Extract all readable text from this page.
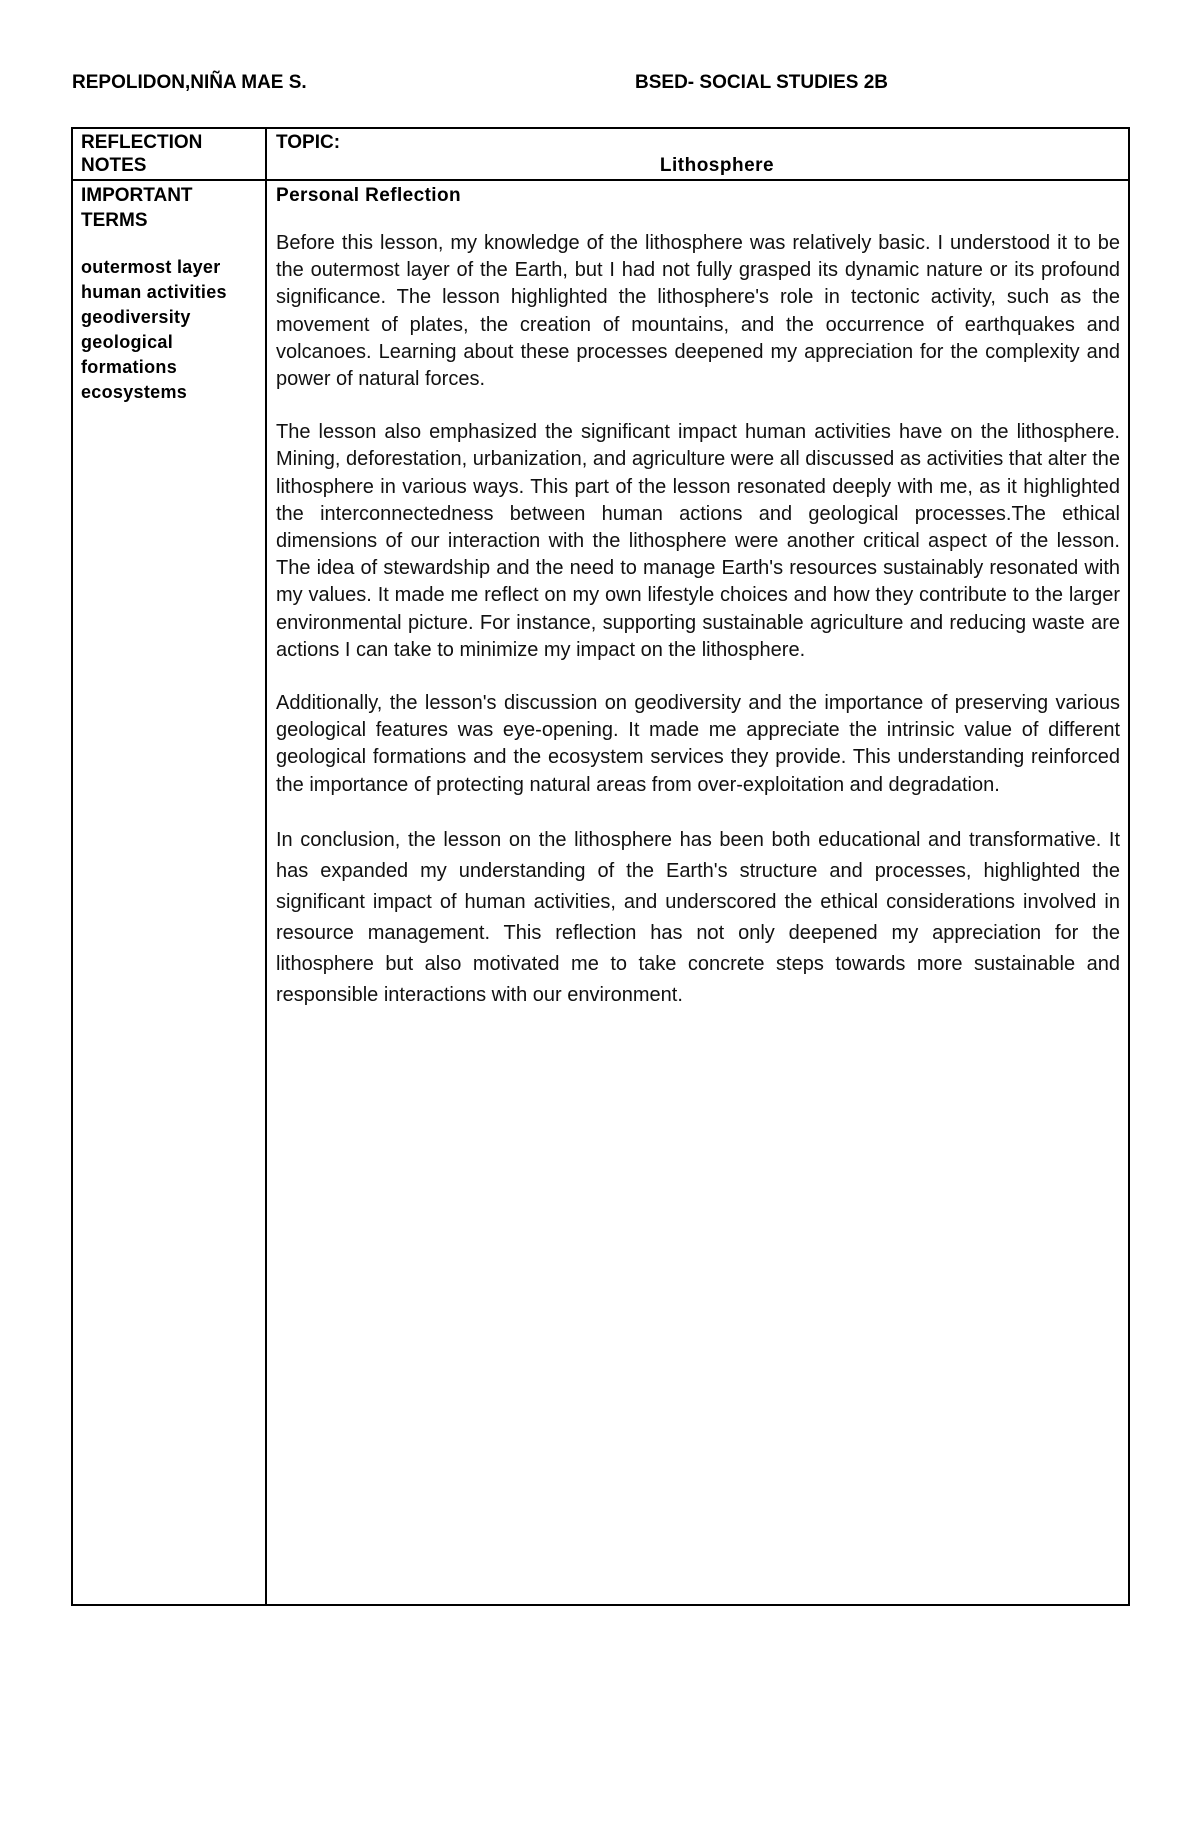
REPOLIDON,NIÑA MAE S.	BSED- SOCIAL STUDIES 2B
REFLECTION NOTES
TOPIC:
Lithosphere
IMPORTANT TERMS
outermost layer
human activities
geodiversity
geological formations
ecosystems
Personal Reflection

Before this lesson, my knowledge of the lithosphere was relatively basic. I understood it to be the outermost layer of the Earth, but I had not fully grasped its dynamic nature or its profound significance. The lesson highlighted the lithosphere's role in tectonic activity, such as the movement of plates, the creation of mountains, and the occurrence of earthquakes and volcanoes. Learning about these processes deepened my appreciation for the complexity and power of natural forces.

The lesson also emphasized the significant impact human activities have on the lithosphere. Mining, deforestation, urbanization, and agriculture were all discussed as activities that alter the lithosphere in various ways. This part of the lesson resonated deeply with me, as it highlighted the interconnectedness between human actions and geological processes.The ethical dimensions of our interaction with the lithosphere were another critical aspect of the lesson. The idea of stewardship and the need to manage Earth's resources sustainably resonated with my values. It made me reflect on my own lifestyle choices and how they contribute to the larger environmental picture. For instance, supporting sustainable agriculture and reducing waste are actions I can take to minimize my impact on the lithosphere.

Additionally, the lesson's discussion on geodiversity and the importance of preserving various geological features was eye-opening. It made me appreciate the intrinsic value of different geological formations and the ecosystem services they provide. This understanding reinforced the importance of protecting natural areas from over-exploitation and degradation.

In conclusion, the lesson on the lithosphere has been both educational and transformative. It has expanded my understanding of the Earth's structure and processes, highlighted the significant impact of human activities, and underscored the ethical considerations involved in resource management. This reflection has not only deepened my appreciation for the lithosphere but also motivated me to take concrete steps towards more sustainable and responsible interactions with our environment.
